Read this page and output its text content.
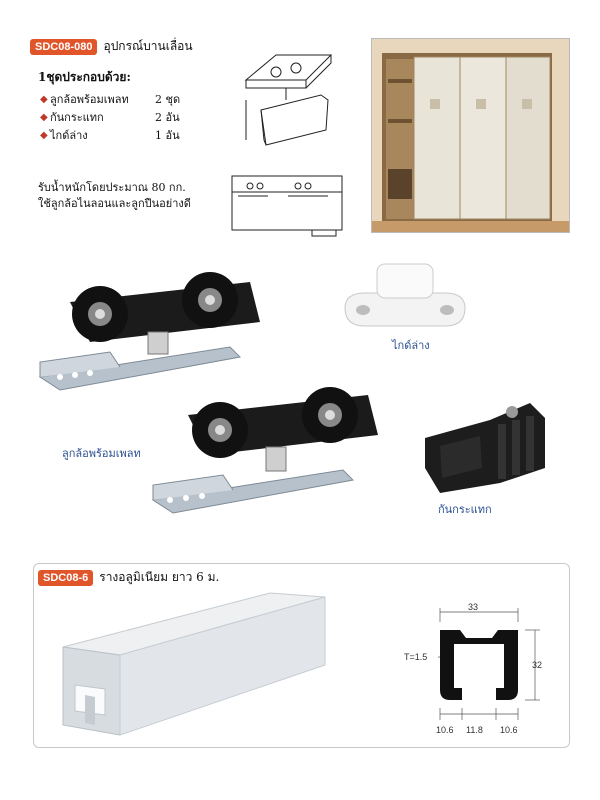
SDC08-080 อุปกรณ์บานเลื่อน
1ชุดประกอบด้วย:
◆ ลูกล้อพร้อมเพลท	2 ชุด
◆ กันกระแทก	2 อัน
◆ ไกด์ล่าง	1 อัน
รับน้ำหนักโดยประมาณ 80 กก.
ใช้ลูกล้อไนลอนและลูกปืนอย่างดี
ไกด์ล่าง
ลูกล้อพร้อมเพลท
กันกระแทก
SDC08-6 รางอลูมิเนียม ยาว 6 ม.
33
32
T=1.5
10.6 11.8 10.6
